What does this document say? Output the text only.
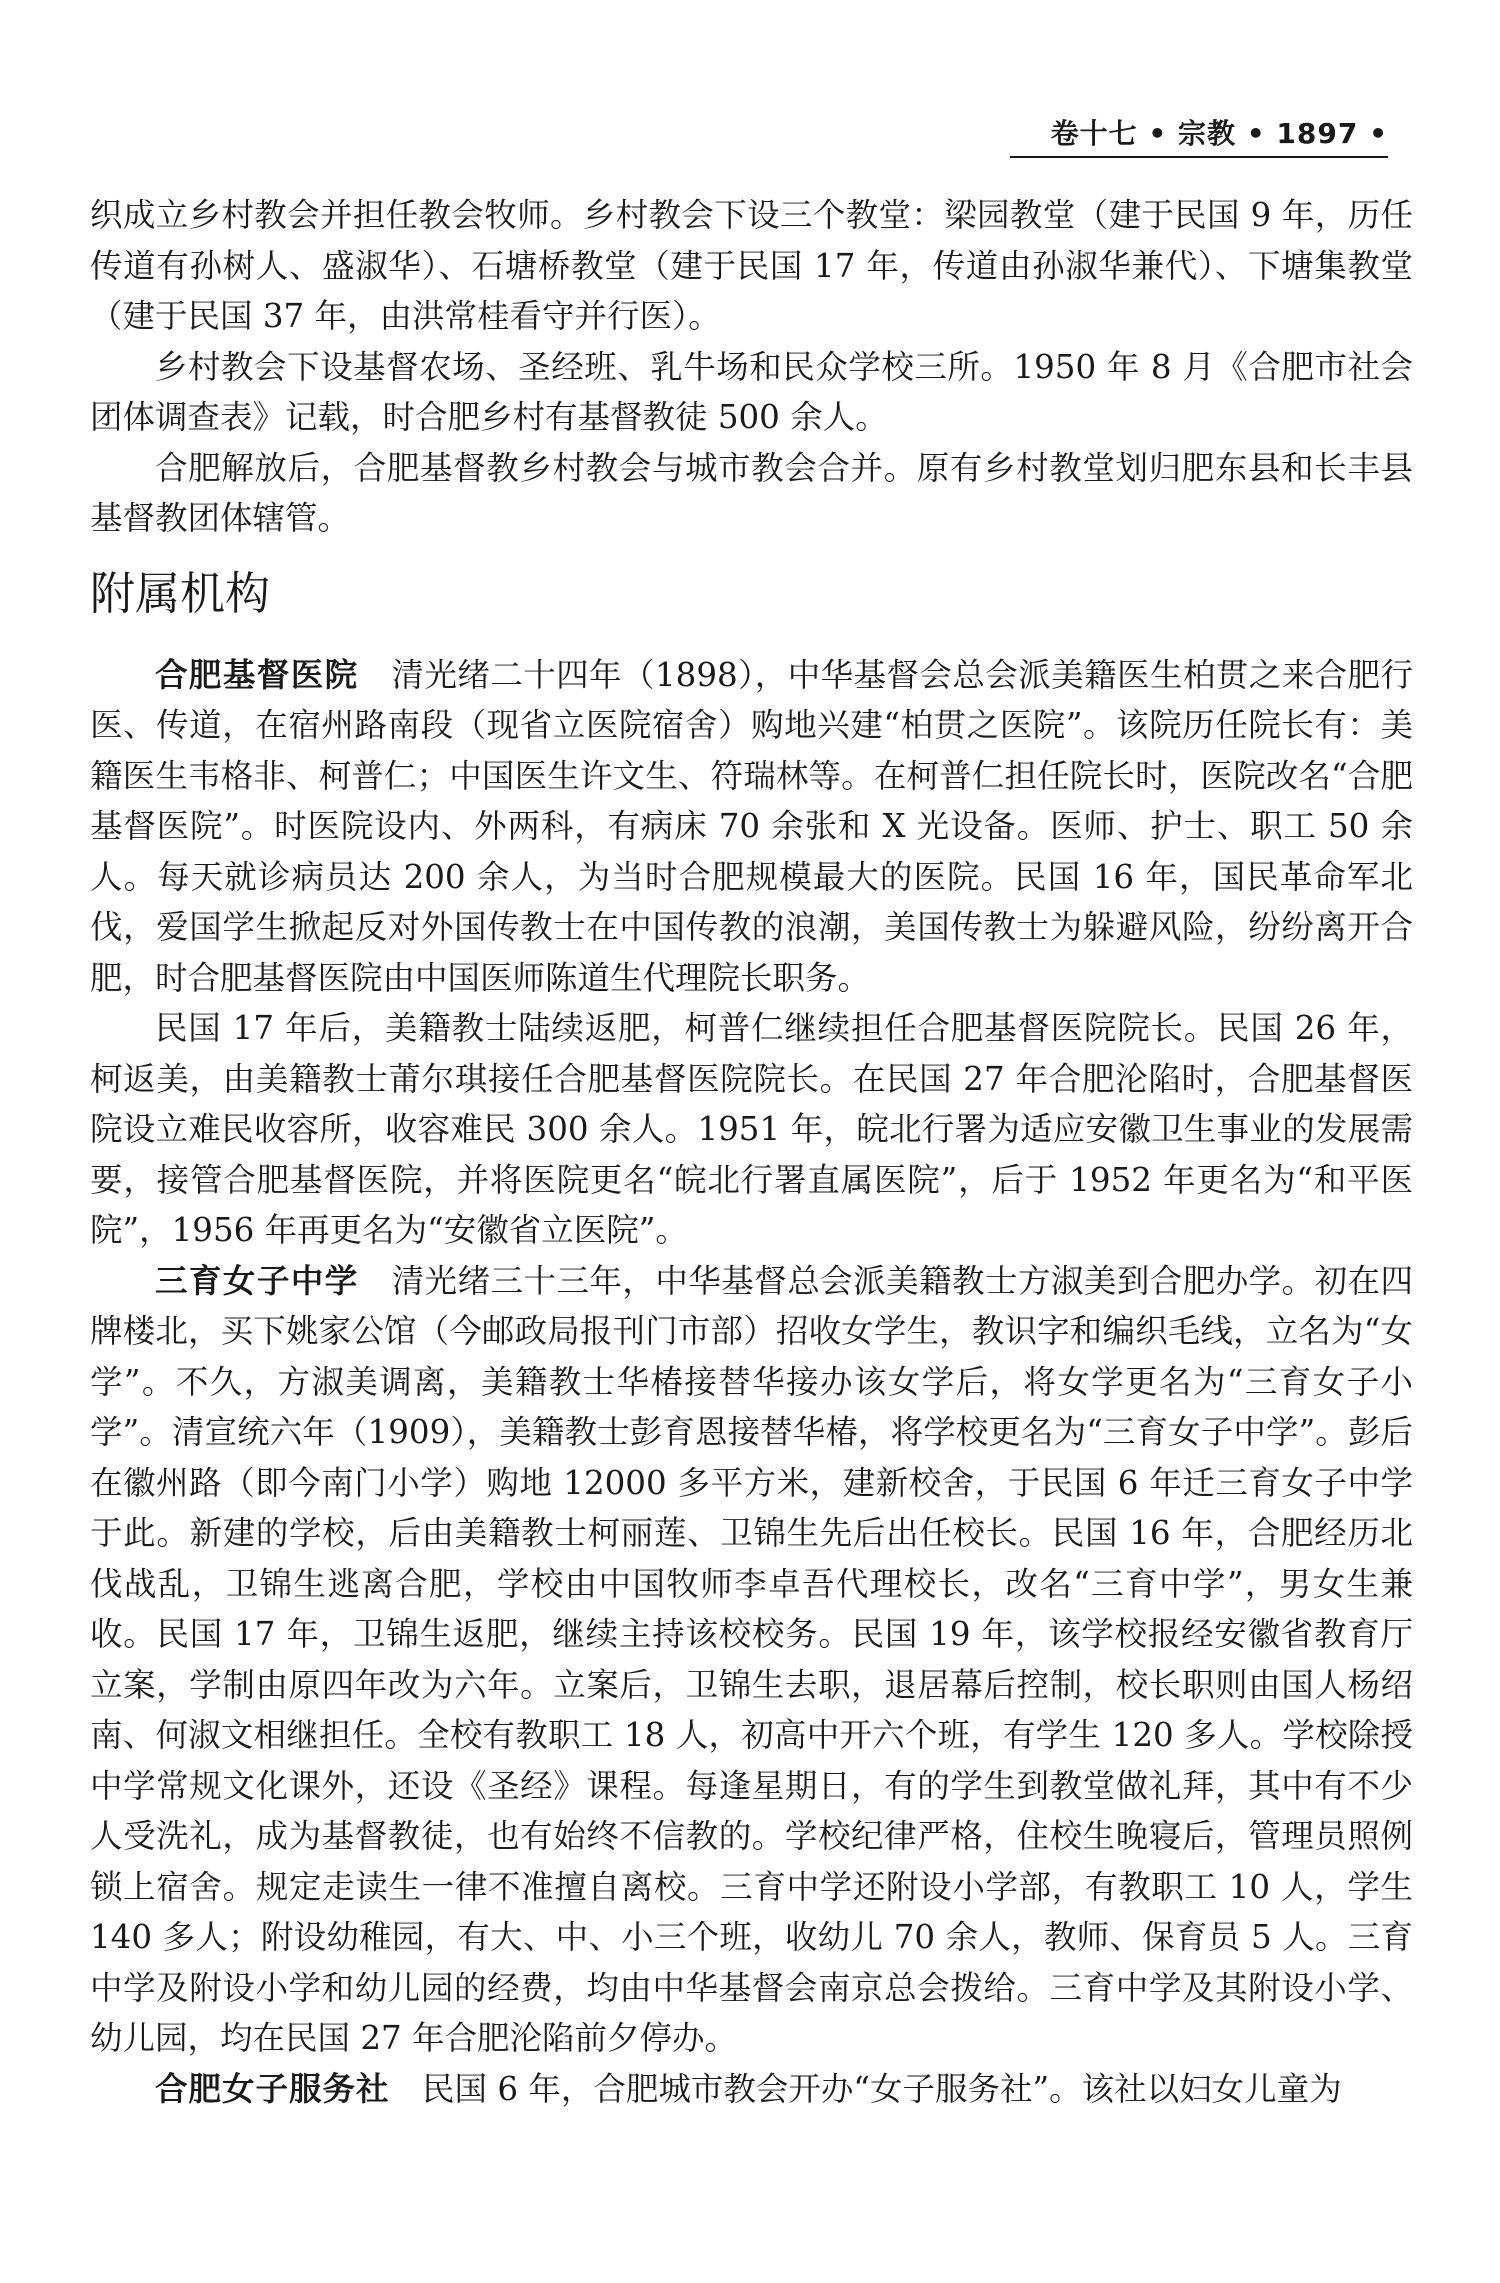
卷十七 • 宗教 • 1897 •

织成立乡村教会并担任教会牧师。乡村教会下设三个教堂：梁园教堂（建于民国 9 年，历任传道有孙树人、盛淑华）、石塘桥教堂（建于民国 17 年，传道由孙淑华兼代）、下塘集教堂（建于民国 37 年，由洪常桂看守并行医）。

乡村教会下设基督农场、圣经班、乳牛场和民众学校三所。1950 年 8 月《合肥市社会团体调查表》记载，时合肥乡村有基督教徒 500 余人。

合肥解放后，合肥基督教乡村教会与城市教会合并。原有乡村教堂划归肥东县和长丰县基督教团体辖管。

附属机构

合肥基督医院 清光绪二十四年（1898），中华基督会总会派美籍医生柏贯之来合肥行医、传道，在宿州路南段（现省立医院宿舍）购地兴建“柏贯之医院”。该院历任院长有：美籍医生韦格非、柯普仁；中国医生许文生、符瑞林等。在柯普仁担任院长时，医院改名“合肥基督医院”。时医院设内、外两科，有病床 70 余张和 X 光设备。医师、护士、职工 50 余人。每天就诊病员达 200 余人，为当时合肥规模最大的医院。民国 16 年，国民革命军北伐，爱国学生掀起反对外国传教士在中国传教的浪潮，美国传教士为躲避风险，纷纷离开合肥，时合肥基督医院由中国医师陈道生代理院长职务。

民国 17 年后，美籍教士陆续返肥，柯普仁继续担任合肥基督医院院长。民国 26 年，柯返美，由美籍教士莆尔琪接任合肥基督医院院长。在民国 27 年合肥沦陷时，合肥基督医院设立难民收容所，收容难民 300 余人。1951 年，皖北行署为适应安徽卫生事业的发展需要，接管合肥基督医院，并将医院更名“皖北行署直属医院”，后于 1952 年更名为“和平医院”，1956 年再更名为“安徽省立医院”。

三育女子中学 清光绪三十三年，中华基督总会派美籍教士方淑美到合肥办学。初在四牌楼北，买下姚家公馆（今邮政局报刊门市部）招收女学生，教识字和编织毛线，立名为“女学”。不久，方淑美调离，美籍教士华椿接替华接办该女学后，将女学更名为“三育女子小学”。清宣统六年（1909），美籍教士彭育恩接替华椿，将学校更名为“三育女子中学”。彭后在徽州路（即今南门小学）购地 12000 多平方米，建新校舍，于民国 6 年迁三育女子中学于此。新建的学校，后由美籍教士柯丽莲、卫锦生先后出任校长。民国 16 年，合肥经历北伐战乱，卫锦生逃离合肥，学校由中国牧师李卓吾代理校长，改名“三育中学”，男女生兼收。民国 17 年，卫锦生返肥，继续主持该校校务。民国 19 年，该学校报经安徽省教育厅立案，学制由原四年改为六年。立案后，卫锦生去职，退居幕后控制，校长职则由国人杨绍南、何淑文相继担任。全校有教职工 18 人，初高中开六个班，有学生 120 多人。学校除授中学常规文化课外，还设《圣经》课程。每逢星期日，有的学生到教堂做礼拜，其中有不少人受洗礼，成为基督教徒，也有始终不信教的。学校纪律严格，住校生晚寝后，管理员照例锁上宿舍。规定走读生一律不准擅自离校。三育中学还附设小学部，有教职工 10 人，学生 140 多人；附设幼稚园，有大、中、小三个班，收幼儿 70 余人，教师、保育员 5 人。三育中学及附设小学和幼儿园的经费，均由中华基督会南京总会拨给。三育中学及其附设小学、幼儿园，均在民国 27 年合肥沦陷前夕停办。

合肥女子服务社 民国 6 年，合肥城市教会开办“女子服务社”。该社以妇女儿童为
